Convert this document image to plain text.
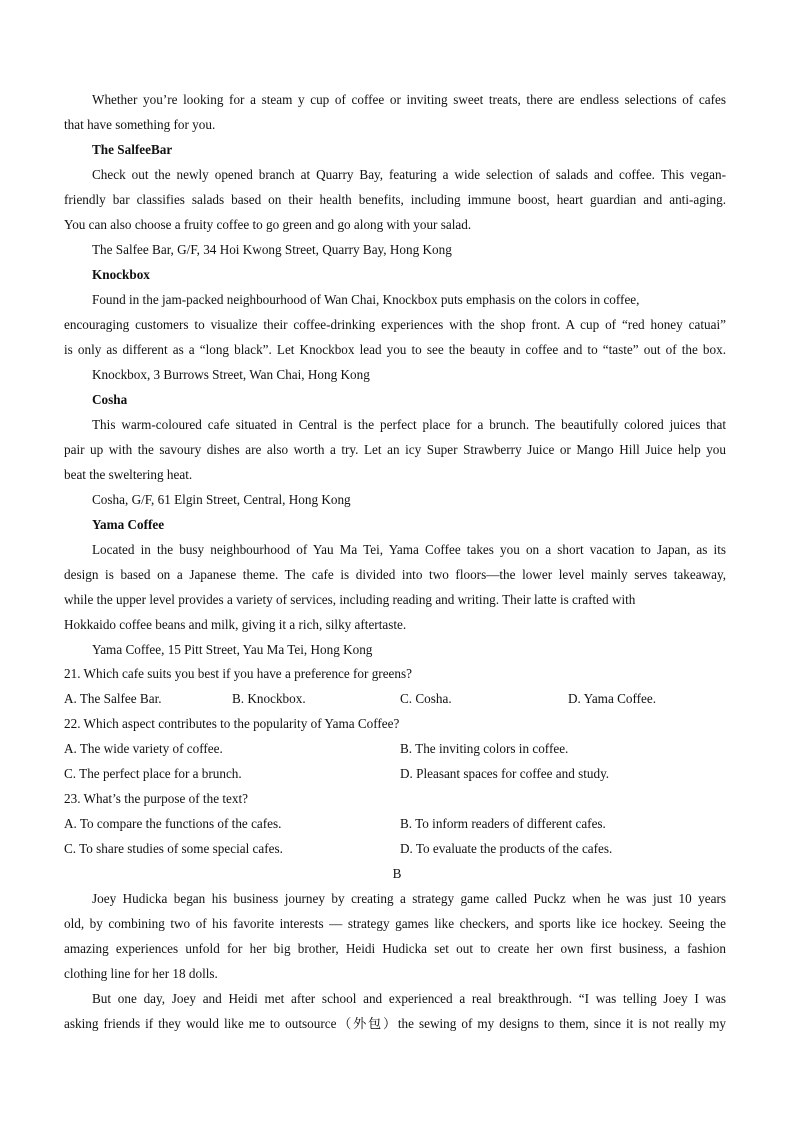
Whether you’re looking for a steam y cup of coffee or inviting sweet treats, there are endless selections of cafes
that have something for you.
The SalfeeBar
Check out the newly opened branch at Quarry Bay, featuring a wide selection of salads and coffee. This vegan-
friendly bar classifies salads based on their health benefits, including immune boost, heart guardian and anti-aging.
You can also choose a fruity coffee to go green and go along with your salad.
The Salfee Bar, G/F, 34 Hoi Kwong Street, Quarry Bay, Hong Kong
Knockbox
Found in the jam-packed neighbourhood of Wan Chai, Knockbox puts emphasis on the colors in coffee,
encouraging customers to visualize their coffee-drinking experiences with the shop front. A cup of “red honey catuai”
is only as different as a “long black”. Let Knockbox lead you to see the beauty in coffee and to “taste” out of the box.
Knockbox, 3 Burrows Street, Wan Chai, Hong Kong
Cosha
This warm-coloured cafe situated in Central is the perfect place for a brunch. The beautifully colored juices that
pair up with the savoury dishes are also worth a try. Let an icy Super Strawberry Juice or Mango Hill Juice help you
beat the sweltering heat.
Cosha, G/F, 61 Elgin Street, Central, Hong Kong
Yama Coffee
Located in the busy neighbourhood of Yau Ma Tei, Yama Coffee takes you on a short vacation to Japan, as its
design is based on a Japanese theme. The cafe is divided into two floors—the lower level mainly serves takeaway,
while the upper level provides a variety of services, including reading and writing. Their latte is crafted with
Hokkaido coffee beans and milk, giving it a rich, silky aftertaste.
Yama Coffee, 15 Pitt Street, Yau Ma Tei, Hong Kong
21. Which cafe suits you best if you have a preference for greens?
A. The Salfee Bar.	B. Knockbox.	C. Cosha.	D. Yama Coffee.
22. Which aspect contributes to the popularity of Yama Coffee?
A. The wide variety of coffee.	B. The inviting colors in coffee.
C. The perfect place for a brunch.	D. Pleasant spaces for coffee and study.
23. What’s the purpose of the text?
A. To compare the functions of the cafes.	B. To inform readers of different cafes.
C. To share studies of some special cafes.	D. To evaluate the products of the cafes.
B
Joey Hudicka began his business journey by creating a strategy game called Puckz when he was just 10 years
old, by combining two of his favorite interests — strategy games like checkers, and sports like ice hockey. Seeing the
amazing experiences unfold for her big brother, Heidi Hudicka set out to create her own first business, a fashion
clothing line for her 18 dolls.
But one day, Joey and Heidi met after school and experienced a real breakthrough. “I was telling Joey I was
asking friends if they would like me to outsource（外包）the sewing of my designs to them, since it is not really my
